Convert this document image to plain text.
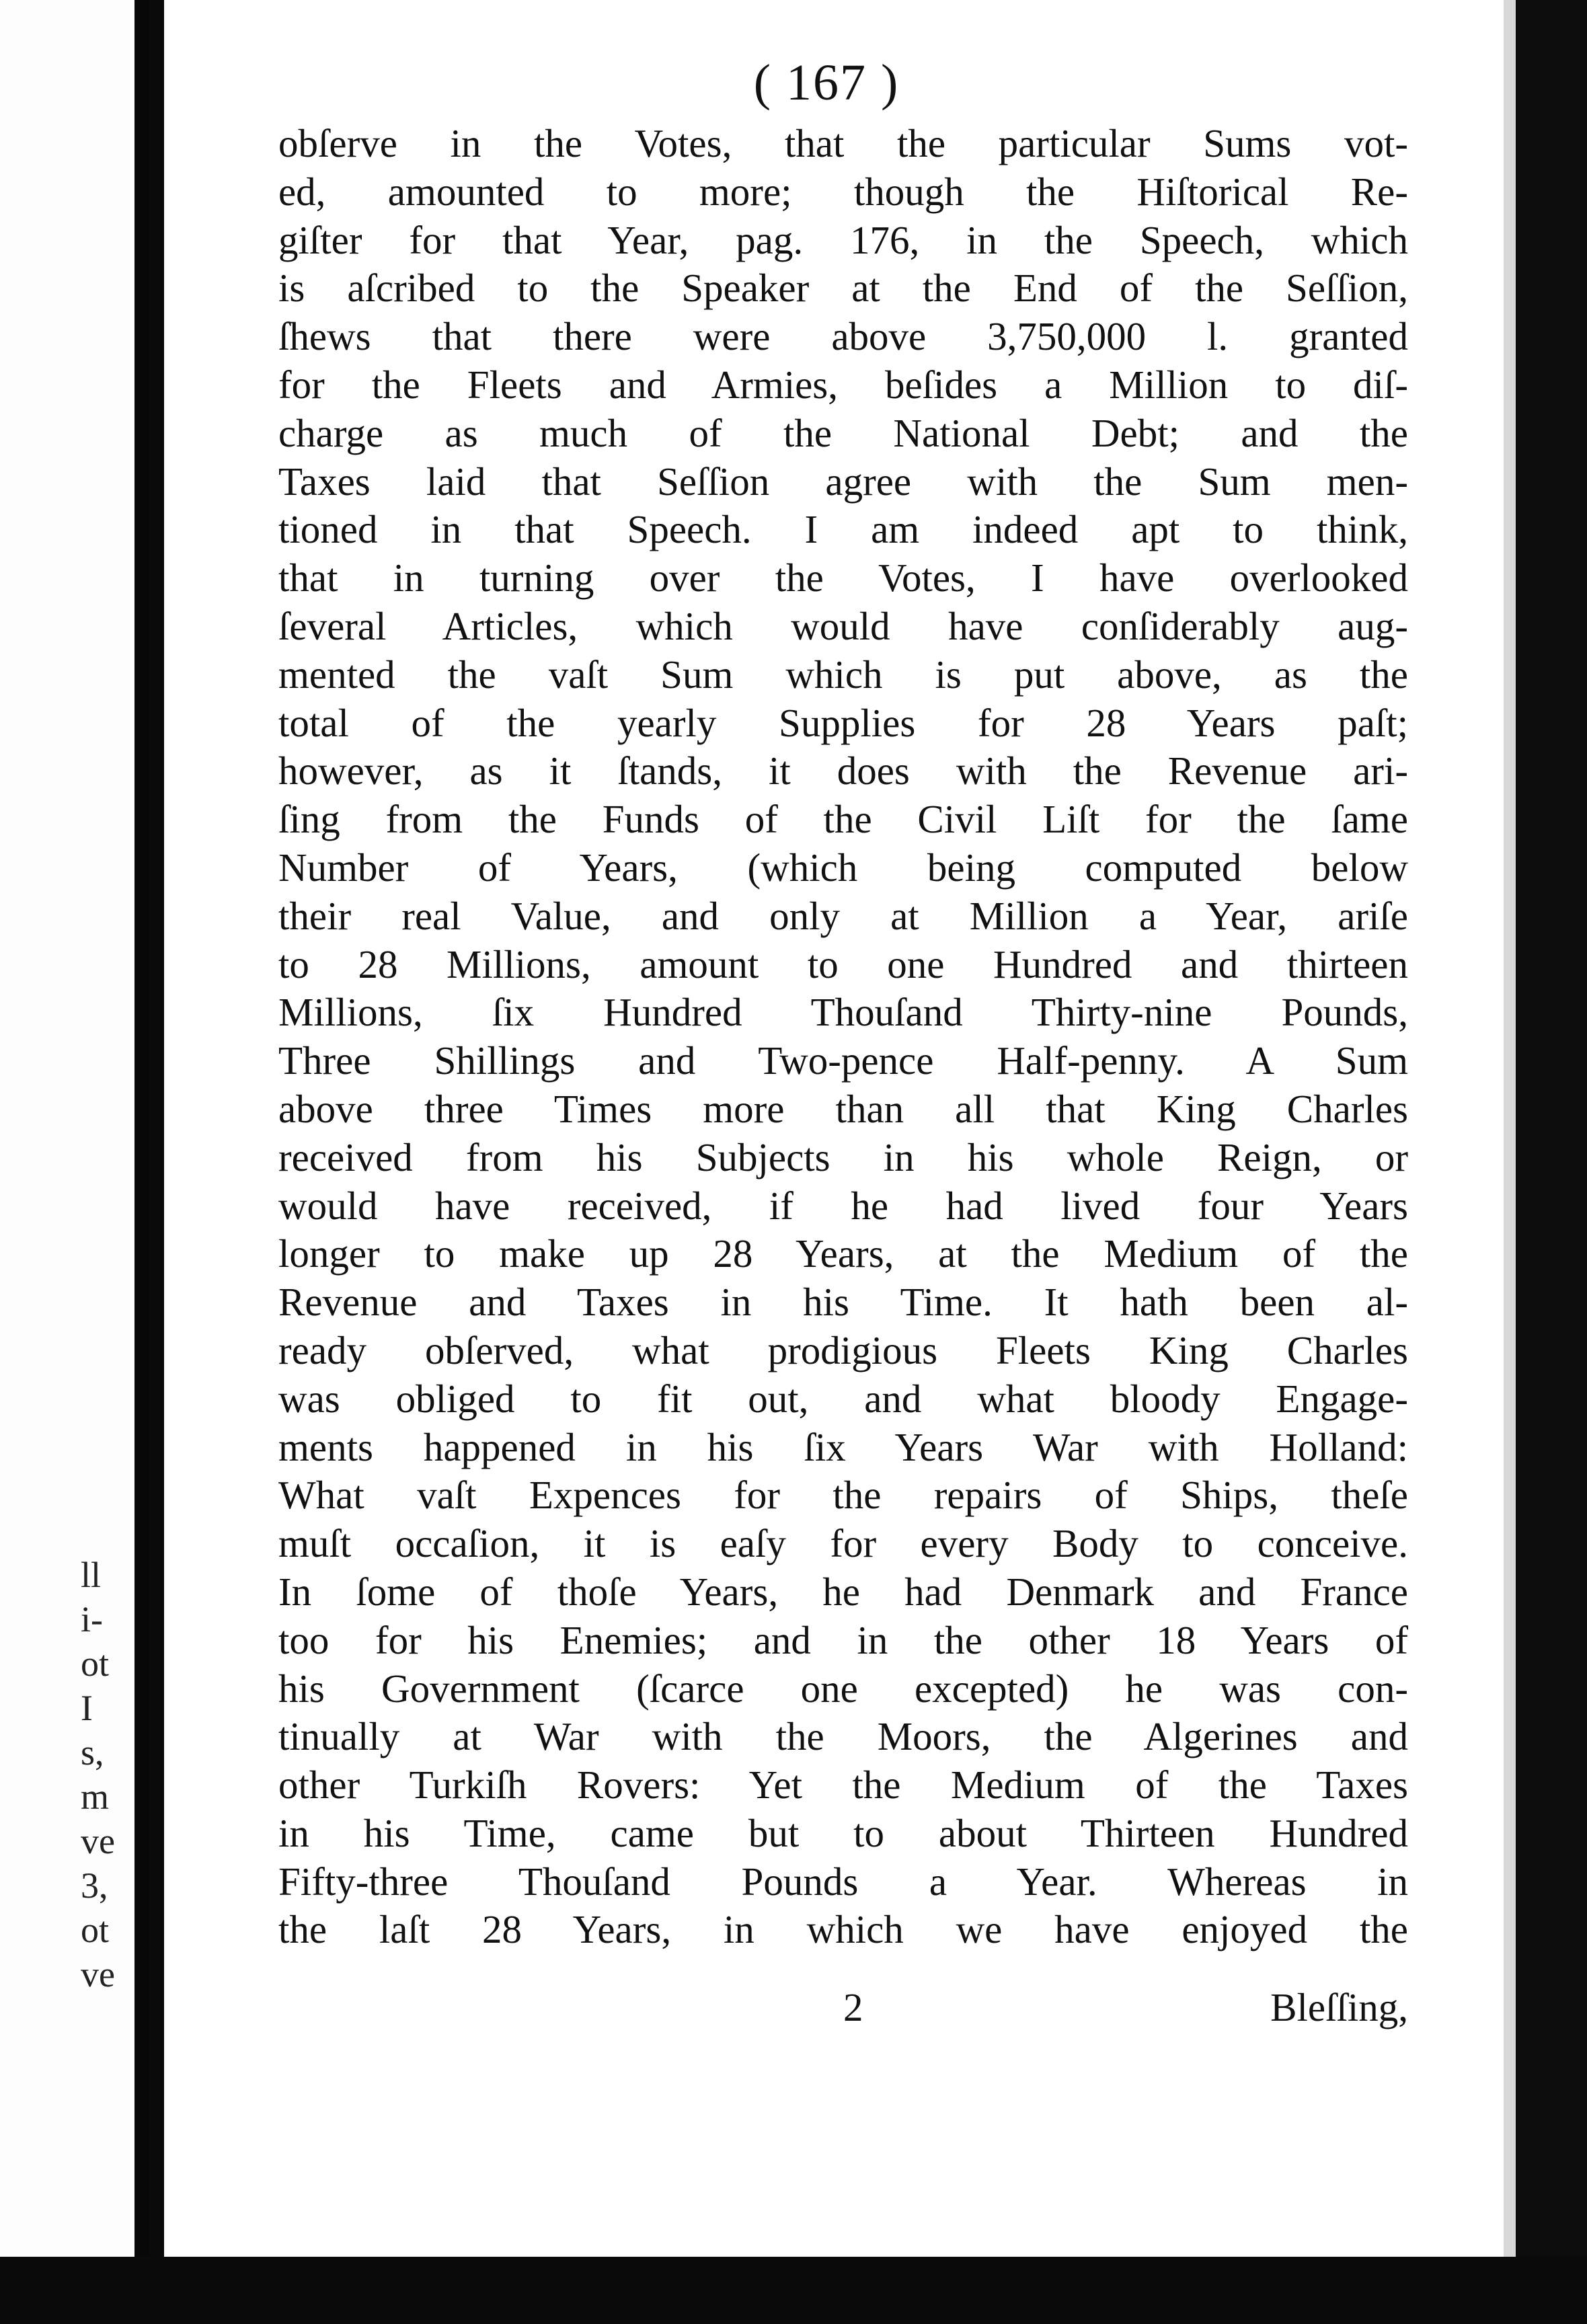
ll
i-
ot
I
s,
m
ve
3,
ot
ve
( 167 )
obſerve in the Votes, that the particular Sums vot-
ed, amounted to more; though the Hiſtorical Re-
giſter for that Year, pag. 176, in the Speech, which
is aſcribed to the Speaker at the End of the Seſſion,
ſhews that there were above 3,750,000 l. granted
for the Fleets and Armies, beſides a Million to diſ-
charge as much of the National Debt; and the
Taxes laid that Seſſion agree with the Sum men-
tioned in that Speech. I am indeed apt to think,
that in turning over the Votes, I have overlooked
ſeveral Articles, which would have conſiderably aug-
mented the vaſt Sum which is put above, as the
total of the yearly Supplies for 28 Years paſt;
however, as it ſtands, it does with the Revenue ari-
ſing from the Funds of the Civil Liſt for the ſame
Number of Years, (which being computed below
their real Value, and only at Million a Year, ariſe
to 28 Millions, amount to one Hundred and thirteen
Millions, ſix Hundred Thouſand Thirty-nine Pounds,
Three Shillings and Two-pence Half-penny. A Sum
above three Times more than all that King Charles
received from his Subjects in his whole Reign, or
would have received, if he had lived four Years
longer to make up 28 Years, at the Medium of the
Revenue and Taxes in his Time. It hath been al-
ready obſerved, what prodigious Fleets King Charles
was obliged to fit out, and what bloody Engage-
ments happened in his ſix Years War with Holland:
What vaſt Expences for the repairs of Ships, theſe
muſt occaſion, it is eaſy for every Body to conceive.
In ſome of thoſe Years, he had Denmark and France
too for his Enemies; and in the other 18 Years of
his Government (ſcarce one excepted) he was con-
tinually at War with the Moors, the Algerines and
other Turkiſh Rovers: Yet the Medium of the Taxes
in his Time, came but to about Thirteen Hundred
Fifty-three Thouſand Pounds a Year. Whereas in
the laſt 28 Years, in which we have enjoyed the
2	Bleſſing,
